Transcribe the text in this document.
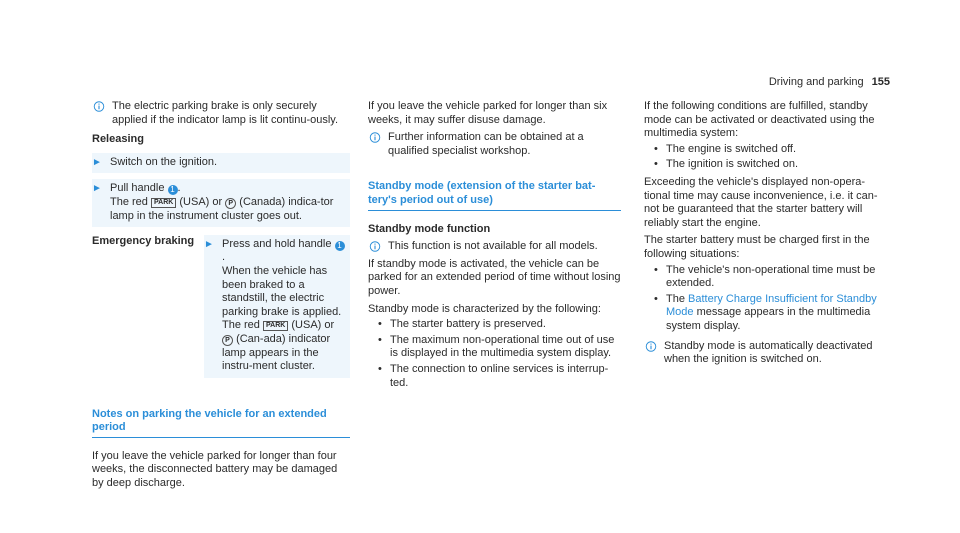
Driving and parking 155

The electric parking brake is only securely applied if the indicator lamp is lit continu-ously.

Releasing

► Switch on the ignition.

► Pull handle 1 .
The red PARK (USA) or P (Canada) indica-tor lamp in the instrument cluster goes out.

Emergency braking ► Press and hold handle 1.
When the vehicle has been braked to a standstill, the electric parking brake is applied. The red PARK (USA) or P (Can-ada) indicator lamp appears in the instru-ment cluster.

Notes on parking the vehicle for an extended period

If you leave the vehicle parked for longer than four weeks, the disconnected battery may be damaged by deep discharge.

If you leave the vehicle parked for longer than six weeks, it may suffer disuse damage.

Further information can be obtained at a qualified specialist workshop.

Standby mode (extension of the starter bat-tery's period out of use)

Standby mode function

This function is not available for all models.

If standby mode is activated, the vehicle can be parked for an extended period of time without losing power.

Standby mode is characterized by the following:

• The starter battery is preserved.
• The maximum non-operational time out of use is displayed in the multimedia system display.
• The connection to online services is interrup-ted.

If the following conditions are fulfilled, standby mode can be activated or deactivated using the multimedia system:

• The engine is switched off.
• The ignition is switched on.

Exceeding the vehicle's displayed non-opera-tional time may cause inconvenience, i.e. it can-not be guaranteed that the starter battery will reliably start the engine.

The starter battery must be charged first in the following situations:

• The vehicle's non-operational time must be extended.
• The Battery Charge Insufficient for Standby Mode message appears in the multimedia system display.

Standby mode is automatically deactivated when the ignition is switched on.
